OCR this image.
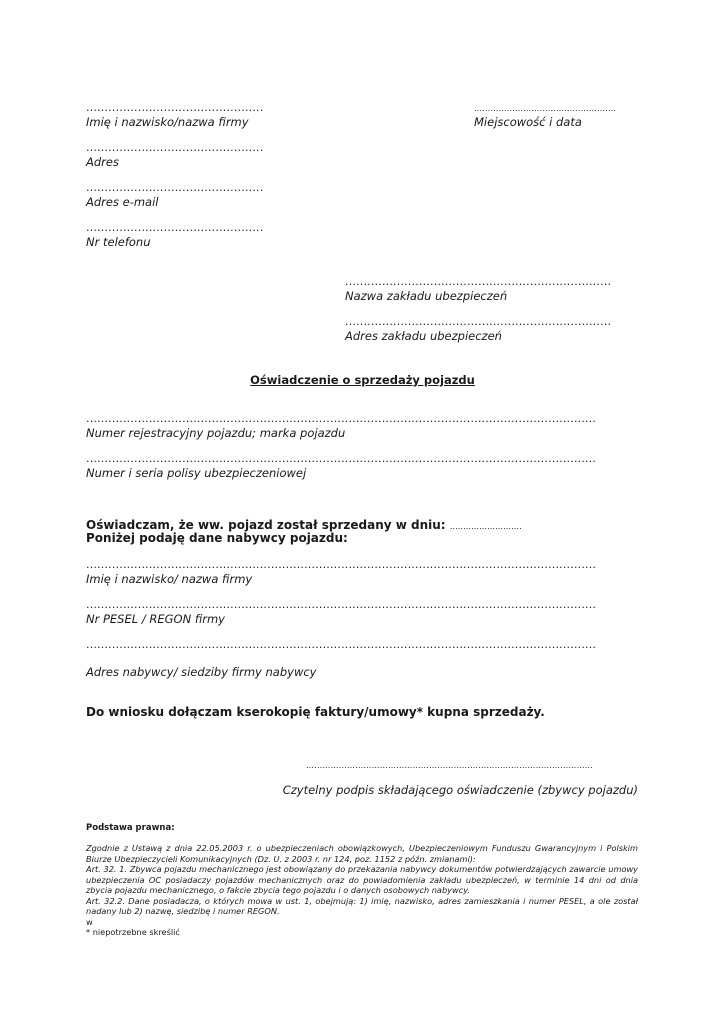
................................................
Imię i nazwisko/nazwa firmy
…………………………………………….
Miejscowość i data
................................................
Adres
................................................
Adres e-mail
................................................
Nr telefonu
........................................................................
Nazwa zakładu ubezpieczeń
........................................................................
Adres zakładu ubezpieczeń
Oświadczenie o sprzedaży pojazdu
..........................................................................................................................................
Numer rejestracyjny pojazdu; marka pojazdu
..........................................................................................................................................
Numer i seria polisy ubezpieczeniowej
Oświadczam, że ww. pojazd został sprzedany w dniu: ………………………
Poniżej podaję dane nabywcy pojazdu:
..........................................................................................................................................
Imię i nazwisko/ nazwa firmy
..........................................................................................................................................
Nr PESEL / REGON firmy
..........................................................................................................................................
Adres nabywcy/ siedziby firmy nabywcy
Do wniosku dołączam kserokopię faktury/umowy* kupna sprzedaży.
……………………………………………………………………………………………
Czytelny podpis składającego oświadczenie (zbywcy pojazdu)
Podstawa prawna:
Zgodnie z Ustawą z dnia 22.05.2003 r. o ubezpieczeniach obowiązkowych, Ubezpieczeniowym Funduszu Gwarancyjnym i Polskim Biurze Ubezpieczycieli Komunikacyjnych (Dz. U. z 2003 r. nr 124, poz. 1152 z późn. zmianami):
Art. 32. 1. Zbywca pojazdu mechanicznego jest obowiązany do przekazania nabywcy dokumentów potwierdzających zawarcie umowy ubezpieczenia OC posiadaczy pojazdów mechanicznych oraz do powiadomienia zakładu ubezpieczeń, w terminie 14 dni od dnia zbycia pojazdu mechanicznego, o fakcie zbycia tego pojazdu i o danych osobowych nabywcy.
Art. 32.2. Dane posiadacza, o których mowa w ust. 1, obejmują: 1) imię, nazwisko, adres zamieszkania i numer PESEL, a ole został nadany lub 2) nazwę, siedzibę i numer REGON.
w
* niepotrzebne skreślić
